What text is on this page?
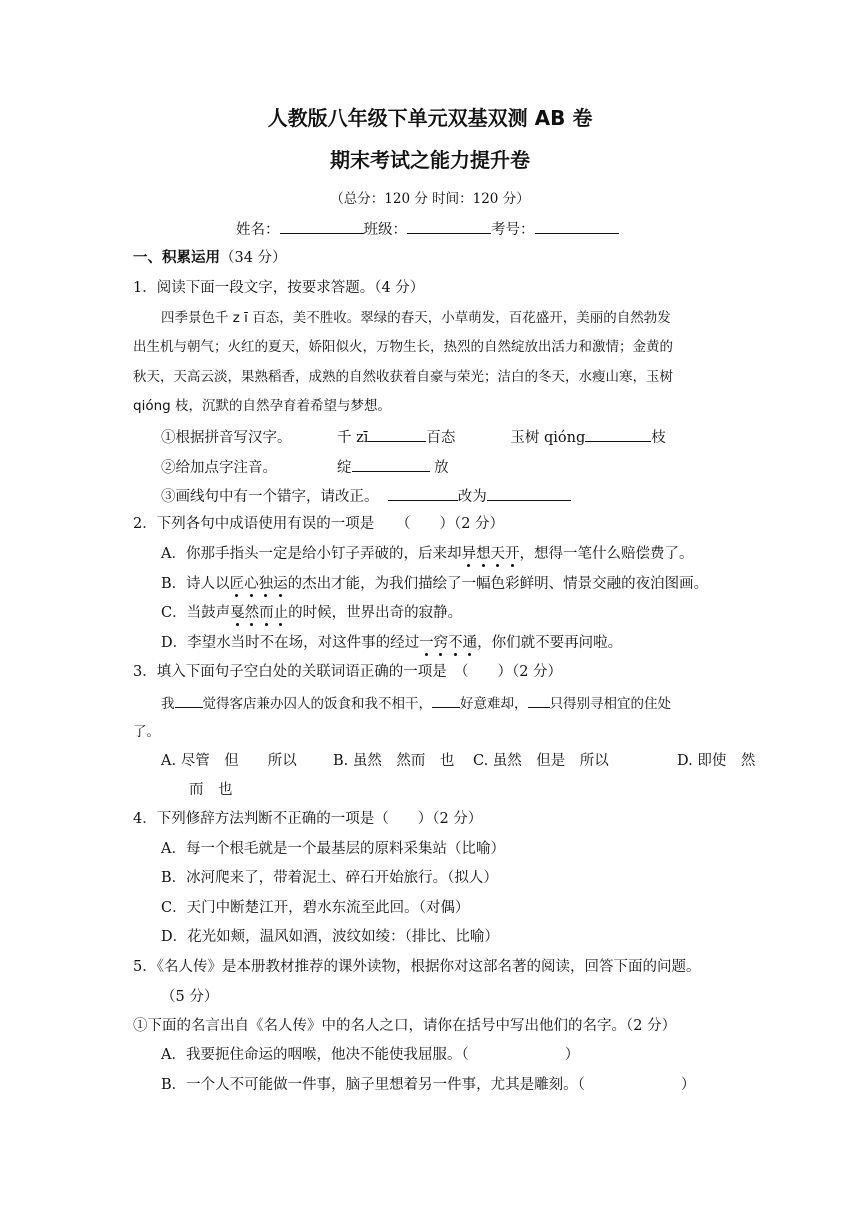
人教版八年级下单元双基双测 AB 卷
期末考试之能力提升卷
（总分：120 分 时间：120 分）
姓名：	班级：	考号：
一、积累运用（34 分）
1．阅读下面一段文字，按要求答题。（4 分）
四季景色千 z ī 百态，美不胜收。翠绿的春天，小草萌发，百花盛开，美丽的自然勃发
出生机与朝气；火红的夏天，娇阳似火，万物生长，热烈的自然绽放出活力和激情；金黄的
秋天，天高云淡，果熟稻香，成熟的自然收获着自豪与荣光；洁白的冬天，水瘦山寒，玉树
qióng 枝，沉默的自然孕育着希望与梦想。
①根据拼音写汉字。	千 zī	百态	玉树 qióng	枝
②给加点字注音。	绽	放
③画线句中有一个错字，请改正。	改为
2．下列各句中成语使用有误的一项是　　（　　）（2 分）
A．你那手指头一定是给小钉子弄破的，后来却异想天开，想得一笔什么赔偿费了。
B．诗人以匠心独运的杰出才能，为我们描绘了一幅色彩鲜明、情景交融的夜泊图画。
C．当鼓声戛然而止的时候，世界出奇的寂静。
D．李望水当时不在场，对这件事的经过一窍不通，你们就不要再问啦。
3．填入下面句子空白处的关联词语正确的一项是　（　　）（2 分）
我 觉得客店兼办囚人的饭食和我不相干， 好意难却， 只得别寻相宜的住处
了。
A. 尽管　但　　所以	B. 虽然　然而　也 C. 虽然　但是　所以	D. 即使　然
而　也
4．下列修辞方法判断不正确的一项是（　　）（2 分）
A．每一个根毛就是一个最基层的原料采集站（比喻）
B．冰河爬来了，带着泥土、碎石开始旅行。（拟人）
C．天门中断楚江开，碧水东流至此回。（对偶）
D．花光如颊，温风如酒，波纹如绫：（排比、比喻）
5．《名人传》是本册教材推荐的课外读物，根据你对这部名著的阅读，回答下面的问题。
（5 分）
①下面的名言出自《名人传》中的名人之口，请你在括号中写出他们的名字。（2 分）
A．我要扼住命运的咽喉，他决不能使我屈服。（	）
B．一个人不可能做一件事，脑子里想着另一件事，尤其是雕刻。（	）
